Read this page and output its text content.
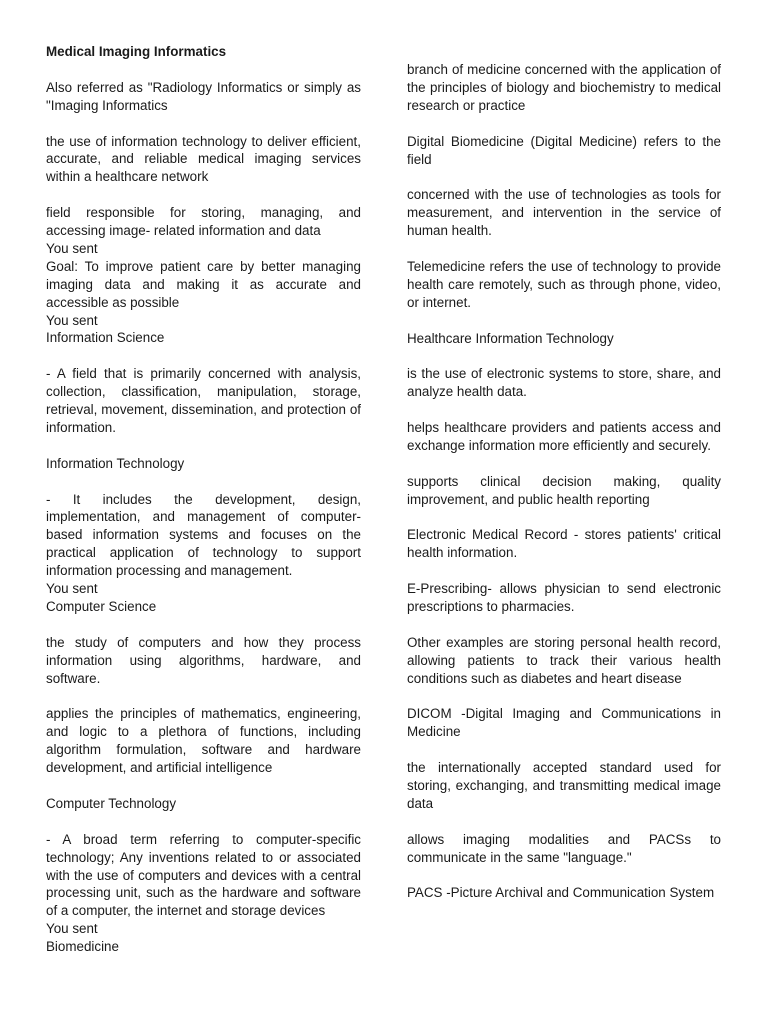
Medical Imaging Informatics

Also referred as "Radiology Informatics or simply as "Imaging Informatics

the use of information technology to deliver efficient, accurate, and reliable medical imaging services within a healthcare network

field responsible for storing, managing, and accessing image- related information and data

You sent

Goal: To improve patient care by better managing imaging data and making it as accurate and accessible as possible

You sent

Information Science

- A field that is primarily concerned with analysis, collection, classification, manipulation, storage, retrieval, movement, dissemination, and protection of information.

Information Technology

- It includes the development, design, implementation, and management of computer-based information systems and focuses on the practical application of technology to support information processing and management.

You sent

Computer Science

the study of computers and how they process information using algorithms, hardware, and software.

applies the principles of mathematics, engineering, and logic to a plethora of functions, including algorithm formulation, software and hardware development, and artificial intelligence

Computer Technology

- A broad term referring to computer-specific technology; Any inventions related to or associated with the use of computers and devices with a central processing unit, such as the hardware and software of a computer, the internet and storage devices

You sent

Biomedicine

branch of medicine concerned with the application of the principles of biology and biochemistry to medical research or practice

Digital Biomedicine (Digital Medicine) refers to the field

concerned with the use of technologies as tools for measurement, and intervention in the service of human health.

Telemedicine refers the use of technology to provide health care remotely, such as through phone, video, or internet.

Healthcare Information Technology

is the use of electronic systems to store, share, and analyze health data.

helps healthcare providers and patients access and exchange information more efficiently and securely.

supports clinical decision making, quality improvement, and public health reporting

Electronic Medical Record - stores patients' critical health information.

E-Prescribing- allows physician to send electronic prescriptions to pharmacies.

Other examples are storing personal health record, allowing patients to track their various health conditions such as diabetes and heart disease

DICOM -Digital Imaging and Communications in Medicine

the internationally accepted standard used for storing, exchanging, and transmitting medical image data

allows imaging modalities and PACSs to communicate in the same "language."

PACS -Picture Archival and Communication System
